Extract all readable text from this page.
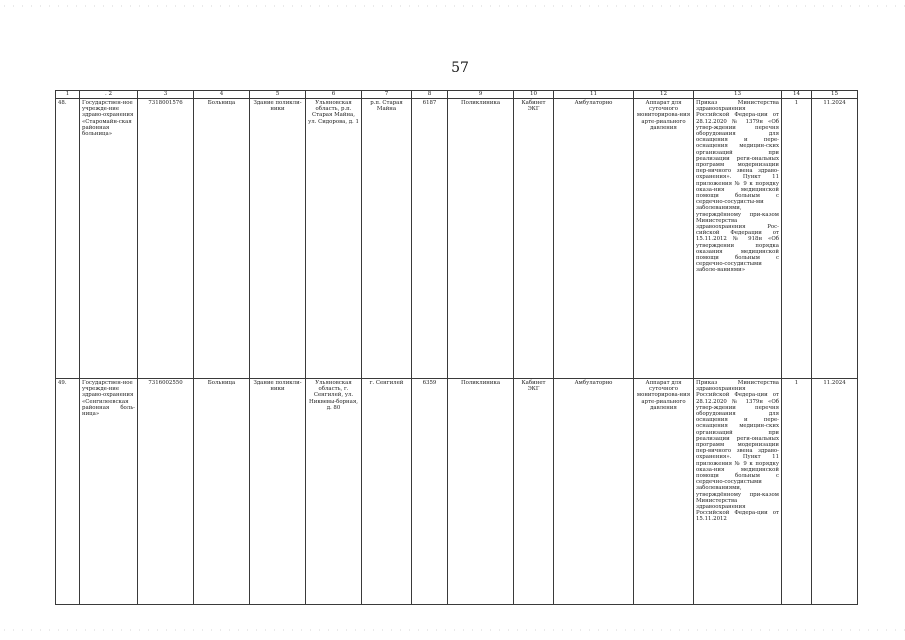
57
1	. 2	3	4	5	6	7	8	9	10	11	12	13	14	15
48.	Государствен-ное учрежде-ние здраво-охранения «Старомайн-ская районная больница»	7318001576	Больница	Здание поликли-ники	Ульяновская область, р.п. Старая Майна, ул. Сидорова, д. 1	р.п. Старая Майна	6187	Поликлиника	Кабинет ЭКГ	Амбулаторно	Аппарат для суточного мониторирова-ния арте-риального давления	Приказ Министерства здравоохранения Российской Федера-ции от 28.12.2020 № 1379н «Об утвер-ждении перечня оборудования для оснащения и пере-оснащения медицин-ских организаций при реализации реги-ональных программ модернизации пер-вичного звена здраво-охранения». Пункт 11 приложения № 9 к порядку оказа-ния медицинской помощи больным с сердечно-сосудисты-ми заболеваниями, утверждённому при-казом Министерства здравоохранения Рос-сийской Федерации от 15.11.2012 № 918н «Об утверждении порядка оказания медицинской помощи больным с сердечно-сосудистыми заболе-ваниями»	1	11.2024
49.	Государствен-ное учрежде-ние здраво-охранения «Сенгилеевская районная боль-ница»	7316002550	Больница	Здание поликли-ники	Ульяновская область, г. Сенгилей, ул. Никвевы-борная, д. 80	г. Сенгилей	6359	Поликлиника	Кабинет ЭКГ	Амбулаторно	Аппарат для суточного мониторирова-ния арте-риального давления	Приказ Министерства здравоохранения Российской Федера-ции от 28.12.2020 № 1379н «Об утвер-ждении перечня оборудования для оснащения и пере-оснащения медицин-ских организаций при реализации реги-ональных программ модернизации пер-вичного звена здраво-охранения». Пункт 11 приложения № 9 к порядку оказа-ния медицинской помощи больным с сердечно-сосудистыми заболеваниями, утверждённому при-казом Министерства здравоохранения Российской Федера-ции от 15.11.2012	1	11.2024
